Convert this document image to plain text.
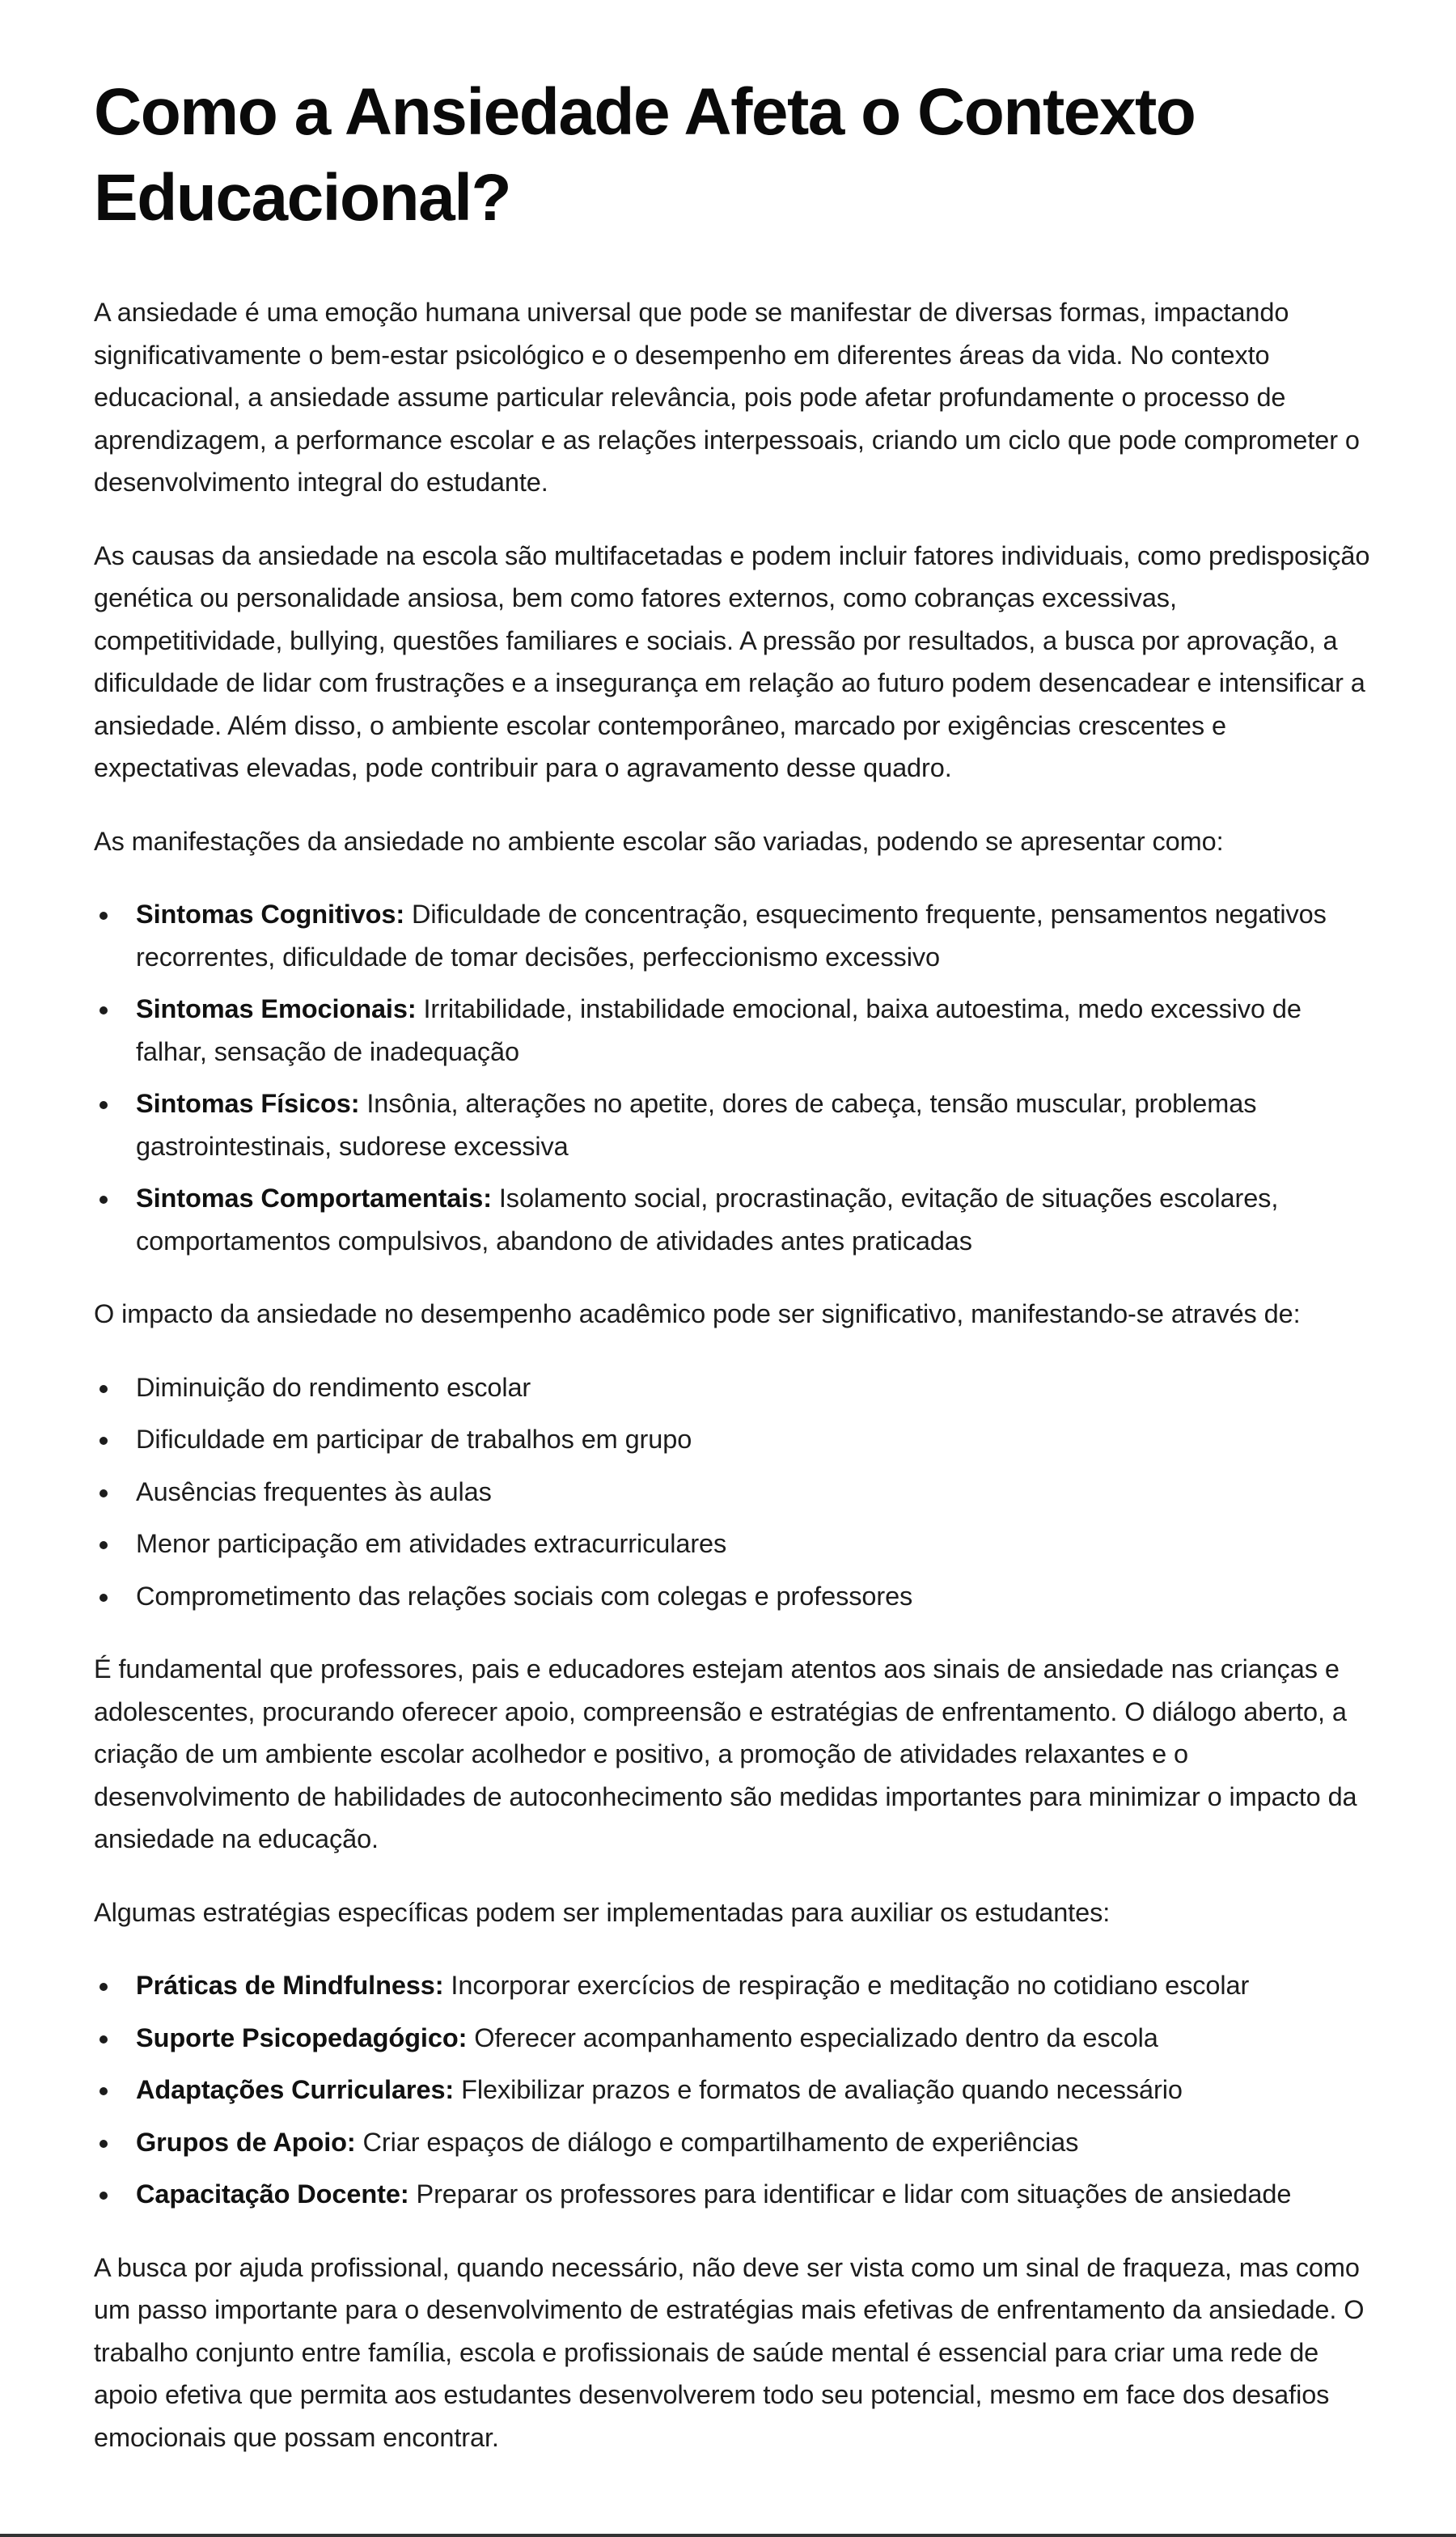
Como a Ansiedade Afeta o Contexto Educacional?

A ansiedade é uma emoção humana universal que pode se manifestar de diversas formas, impactando significativamente o bem-estar psicológico e o desempenho em diferentes áreas da vida. No contexto educacional, a ansiedade assume particular relevância, pois pode afetar profundamente o processo de aprendizagem, a performance escolar e as relações interpessoais, criando um ciclo que pode comprometer o desenvolvimento integral do estudante.

As causas da ansiedade na escola são multifacetadas e podem incluir fatores individuais, como predisposição genética ou personalidade ansiosa, bem como fatores externos, como cobranças excessivas, competitividade, bullying, questões familiares e sociais. A pressão por resultados, a busca por aprovação, a dificuldade de lidar com frustrações e a insegurança em relação ao futuro podem desencadear e intensificar a ansiedade. Além disso, o ambiente escolar contemporâneo, marcado por exigências crescentes e expectativas elevadas, pode contribuir para o agravamento desse quadro.

As manifestações da ansiedade no ambiente escolar são variadas, podendo se apresentar como:

Sintomas Cognitivos: Dificuldade de concentração, esquecimento frequente, pensamentos negativos recorrentes, dificuldade de tomar decisões, perfeccionismo excessivo
Sintomas Emocionais: Irritabilidade, instabilidade emocional, baixa autoestima, medo excessivo de falhar, sensação de inadequação
Sintomas Físicos: Insônia, alterações no apetite, dores de cabeça, tensão muscular, problemas gastrointestinais, sudorese excessiva
Sintomas Comportamentais: Isolamento social, procrastinação, evitação de situações escolares, comportamentos compulsivos, abandono de atividades antes praticadas

O impacto da ansiedade no desempenho acadêmico pode ser significativo, manifestando-se através de:

Diminuição do rendimento escolar
Dificuldade em participar de trabalhos em grupo
Ausências frequentes às aulas
Menor participação em atividades extracurriculares
Comprometimento das relações sociais com colegas e professores

É fundamental que professores, pais e educadores estejam atentos aos sinais de ansiedade nas crianças e adolescentes, procurando oferecer apoio, compreensão e estratégias de enfrentamento. O diálogo aberto, a criação de um ambiente escolar acolhedor e positivo, a promoção de atividades relaxantes e o desenvolvimento de habilidades de autoconhecimento são medidas importantes para minimizar o impacto da ansiedade na educação.

Algumas estratégias específicas podem ser implementadas para auxiliar os estudantes:

Práticas de Mindfulness: Incorporar exercícios de respiração e meditação no cotidiano escolar
Suporte Psicopedagógico: Oferecer acompanhamento especializado dentro da escola
Adaptações Curriculares: Flexibilizar prazos e formatos de avaliação quando necessário
Grupos de Apoio: Criar espaços de diálogo e compartilhamento de experiências
Capacitação Docente: Preparar os professores para identificar e lidar com situações de ansiedade

A busca por ajuda profissional, quando necessário, não deve ser vista como um sinal de fraqueza, mas como um passo importante para o desenvolvimento de estratégias mais efetivas de enfrentamento da ansiedade. O trabalho conjunto entre família, escola e profissionais de saúde mental é essencial para criar uma rede de apoio efetiva que permita aos estudantes desenvolverem todo seu potencial, mesmo em face dos desafios emocionais que possam encontrar.
